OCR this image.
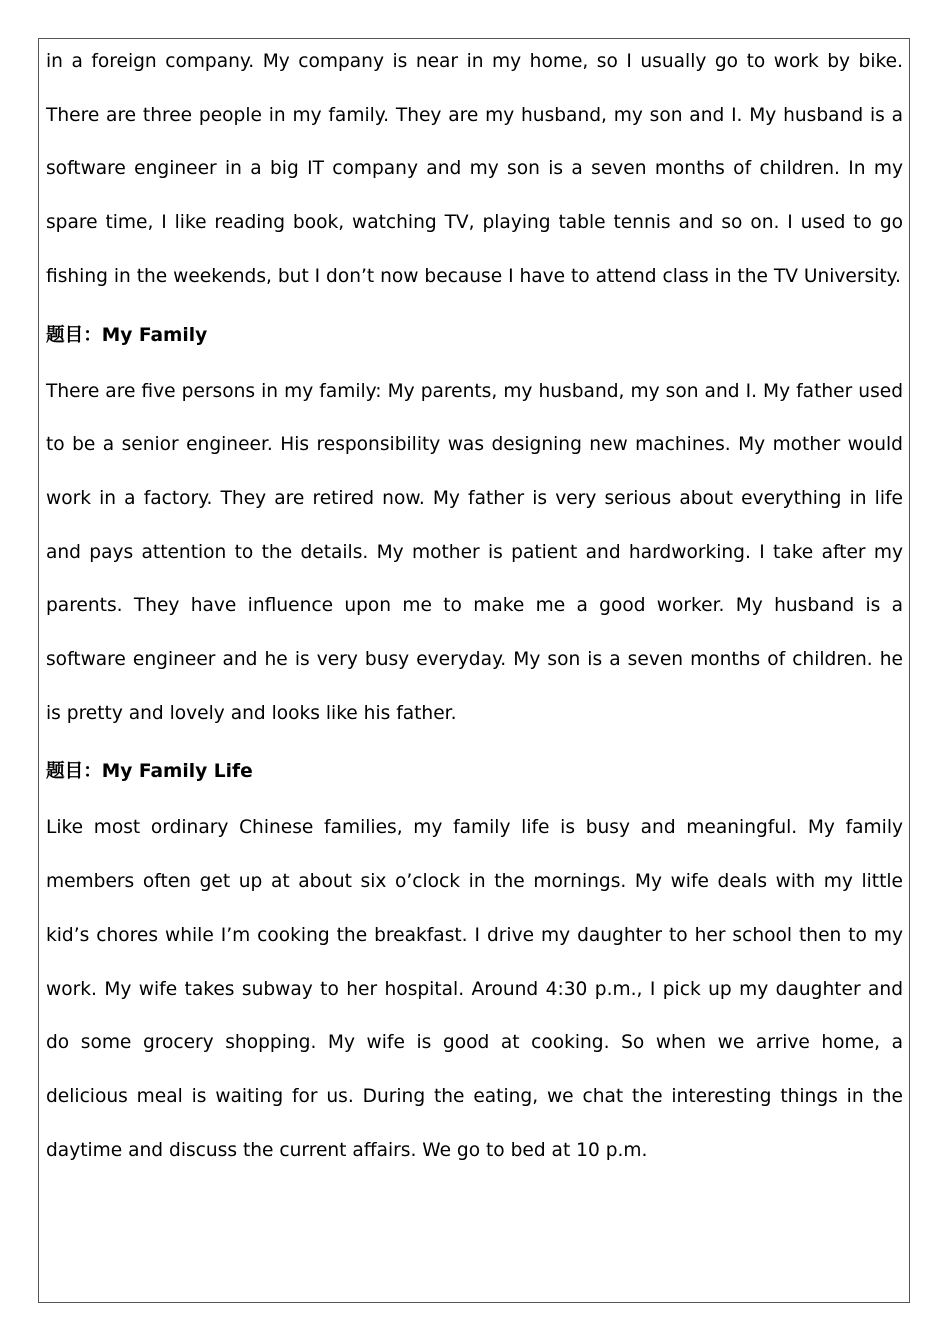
in a foreign company. My company is near in my home, so I usually go to work by bike. There are three people in my family. They are my husband, my son and I. My husband is a software engineer in a big IT company and my son is a seven months of children. In my spare time, I like reading book, watching TV, playing table tennis and so on. I used to go fishing in the weekends, but I don’t now because I have to attend class in the TV University.

题目：My Family

There are five persons in my family: My parents, my husband, my son and I. My father used to be a senior engineer. His responsibility was designing new machines. My mother would work in a factory. They are retired now. My father is very serious about everything in life and pays attention to the details. My mother is patient and hardworking. I take after my parents. They have influence upon me to make me a good worker. My husband is a software engineer and he is very busy everyday. My son is a seven months of children. he is pretty and lovely and looks like his father.

题目：My Family Life

Like most ordinary Chinese families, my family life is busy and meaningful. My family members often get up at about six o’clock in the mornings. My wife deals with my little kid’s chores while I’m cooking the breakfast. I drive my daughter to her school then to my work. My wife takes subway to her hospital. Around 4:30 p.m., I pick up my daughter and do some grocery shopping. My wife is good at cooking. So when we arrive home, a delicious meal is waiting for us. During the eating, we chat the interesting things in the daytime and discuss the current affairs. We go to bed at 10 p.m.
